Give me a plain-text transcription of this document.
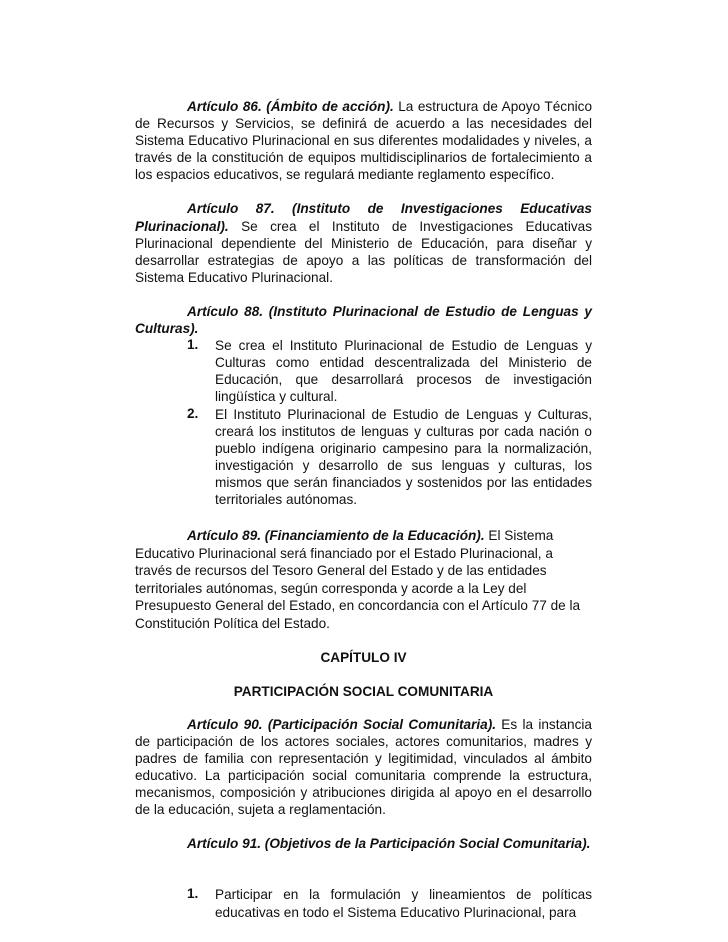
Artículo 86. (Ámbito de acción). La estructura de Apoyo Técnico de Recursos y Servicios, se definirá de acuerdo a las necesidades del Sistema Educativo Plurinacional en sus diferentes modalidades y niveles, a través de la constitución de equipos multidisciplinarios de fortalecimiento a los espacios educativos, se regulará mediante reglamento específico.

Artículo 87. (Instituto de Investigaciones Educativas Plurinacional). Se crea el Instituto de Investigaciones Educativas Plurinacional dependiente del Ministerio de Educación, para diseñar y desarrollar estrategias de apoyo a las políticas de transformación del Sistema Educativo Plurinacional.

Artículo 88. (Instituto Plurinacional de Estudio de Lenguas y Culturas).

1. Se crea el Instituto Plurinacional de Estudio de Lenguas y Culturas como entidad descentralizada del Ministerio de Educación, que desarrollará procesos de investigación lingüística y cultural.

2. El Instituto Plurinacional de Estudio de Lenguas y Culturas, creará los institutos de lenguas y culturas por cada nación o pueblo indígena originario campesino para la normalización, investigación y desarrollo de sus lenguas y culturas, los mismos que serán financiados y sostenidos por las entidades territoriales autónomas.

Artículo 89. (Financiamiento de la Educación). El Sistema Educativo Plurinacional será financiado por el Estado Plurinacional, a través de recursos del Tesoro General del Estado y de las entidades territoriales autónomas, según corresponda y acorde a la Ley del Presupuesto General del Estado, en concordancia con el Artículo 77 de la Constitución Política del Estado.

CAPÍTULO IV
PARTICIPACIÓN SOCIAL COMUNITARIA

Artículo 90. (Participación Social Comunitaria). Es la instancia de participación de los actores sociales, actores comunitarios, madres y padres de familia con representación y legitimidad, vinculados al ámbito educativo. La participación social comunitaria comprende la estructura, mecanismos, composición y atribuciones dirigida al apoyo en el desarrollo de la educación, sujeta a reglamentación.

Artículo 91. (Objetivos de la Participación Social Comunitaria).

1. Participar en la formulación y lineamientos de políticas educativas en todo el Sistema Educativo Plurinacional, para
